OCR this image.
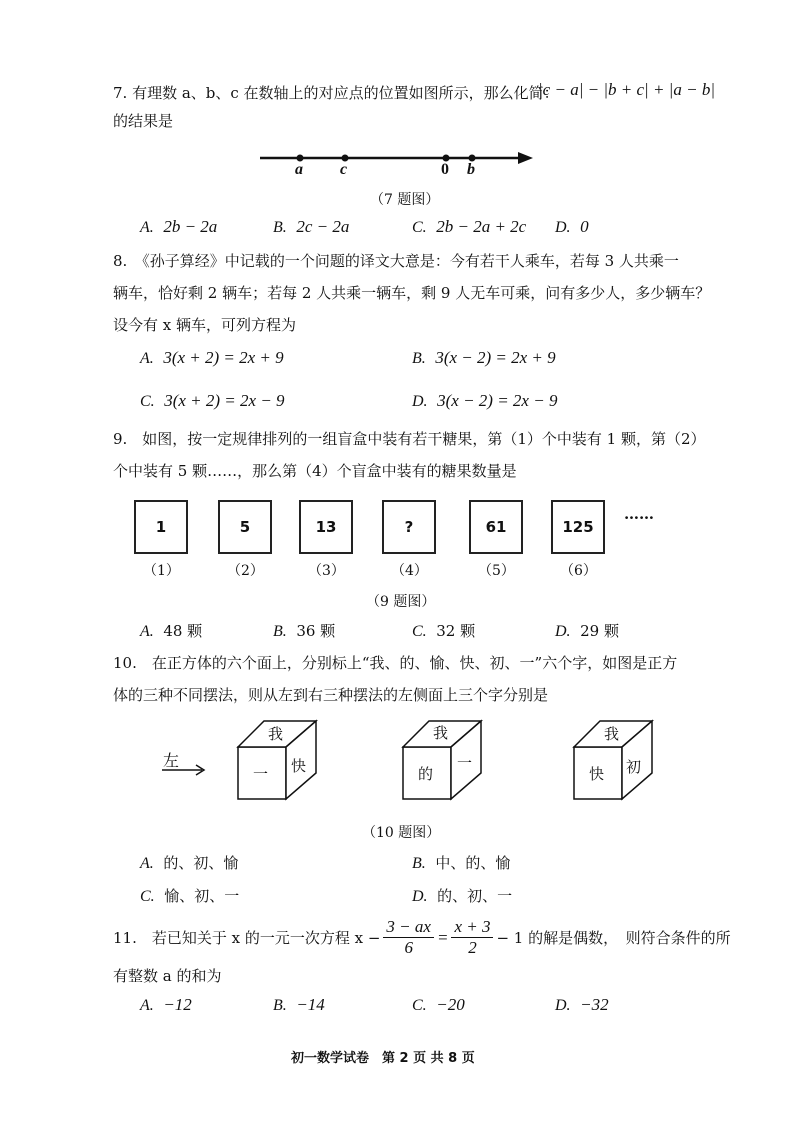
7. 有理数 a、b、c 在数轴上的对应点的位置如图所示，那么化简：
|c − a| − |b + c| + |a − b|
的结果是
a c	0 b
（7 题图）
A. 2b − 2a	B. 2c − 2a	C. 2b − 2a + 2c D. 0
8.　《孙子算经》中记载的一个问题的译文大意是：今有若干人乘车，若每 3 人共乘一
辆车，恰好剩 2 辆车；若每 2 人共乘一辆车，剩 9 人无车可乘，问有多少人，多少辆车？
设今有 x 辆车，可列方程为
A. 3(x + 2) = 2x + 9	B. 3(x − 2) = 2x + 9
C. 3(x + 2) = 2x − 9	D. 3(x − 2) = 2x − 9
9.　如图，按一定规律排列的一组盲盒中装有若干糖果，第（1）个中装有 1 颗，第（2）
个中装有 5 颗……，那么第（4）个盲盒中装有的糖果数量是
1	5	13	?	61	125
……
（1）	（2）	（3）	（4）	（5）	（6）
（9 题图）
A. 48 颗	B. 36 颗	C. 32 颗	D. 29 颗
10.　在正方体的六个面上，分别标上“我、的、愉、快、初、一”六个字，如图是正方
体的三种不同摆法，则从左到右三种摆法的左侧面上三个字分别是
左
我
一 快
我
的
一
我
快 初
（10 题图）
A. 的、初、愉	B. 中、的、愉
C. 愉、初、一	D. 的、初、一
11.　若已知关于 x 的一元一次方程 $x - \frac{3 - ax}{6} = \frac{x + 3}{2} - 1$ 的解是偶数，　则符合条件的所
有整数 a 的和为
A. −12	B. −14	C. −20	D. −32
初一数学试卷　第 2 页 共 8 页
